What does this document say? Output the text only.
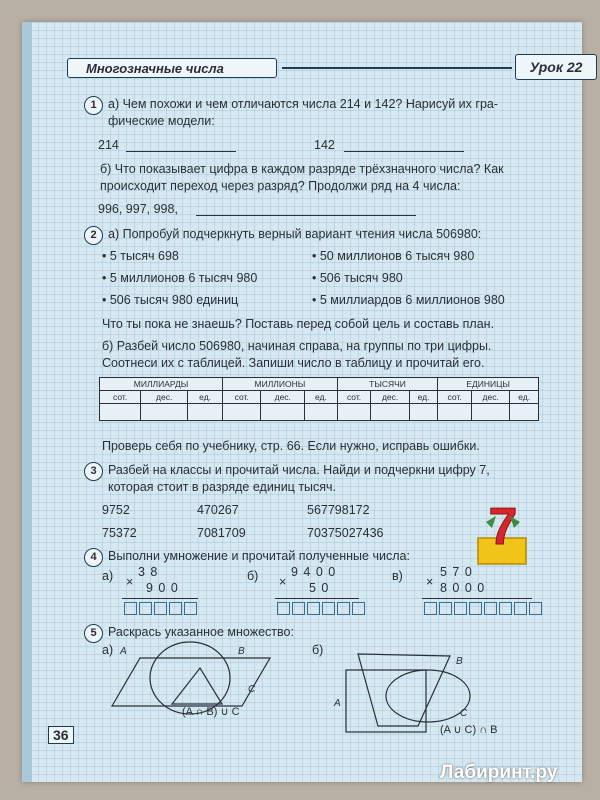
Многозначные числа	Урок 22
1 а) Чем похожи и чем отличаются числа 214 и 142? Нарисуй их гра-
фические модели:
214	142
б) Что показывает цифра в каждом разряде трёхзначного числа? Как
происходит переход через разряд? Продолжи ряд на 4 числа:
996, 997, 998,
2 а) Попробуй подчеркнуть верный вариант чтения числа 506980:
• 5 тысяч 698	• 50 миллионов 6 тысяч 980
• 5 миллионов 6 тысяч 980	• 506 тысяч 980
• 506 тысяч 980 единиц	• 5 миллиардов 6 миллионов 980
Что ты пока не знаешь? Поставь перед собой цель и составь план.
б) Разбей число 506980, начиная справа, на группы по три цифры.
Соотнеси их с таблицей. Запиши число в таблицу и прочитай его.
МИЛЛИАРДЫ			МИЛЛИОНЫ			ТЫСЯЧИ			ЕДИНИЦЫ		
сот.	дес.	ед.	сот.	дес.	ед.	сот.	дес.	ед.	сот.	дес.	ед.

Проверь себя по учебнику, стр. 66. Если нужно, исправь ошибки.
3 Разбей на классы и прочитай числа. Найди и подчеркни цифру 7,
которая стоит в разряде единиц тысяч.
9752	470267	567798172
75372	7081709	70375027436 7
4 Выполни умножение и прочитай полученные числа:
а) 3 8
× 9 0 0
б)	9 4 0 0
× 5 0
в)	5 7 0
× 8 0 0 0
5 Раскрась указанное множество:
а)	б)
A	B
C
(A ∩ B) ∪ C
A
B
C
(A ∪ C) ∩ B
36
Лабиринт.ру
